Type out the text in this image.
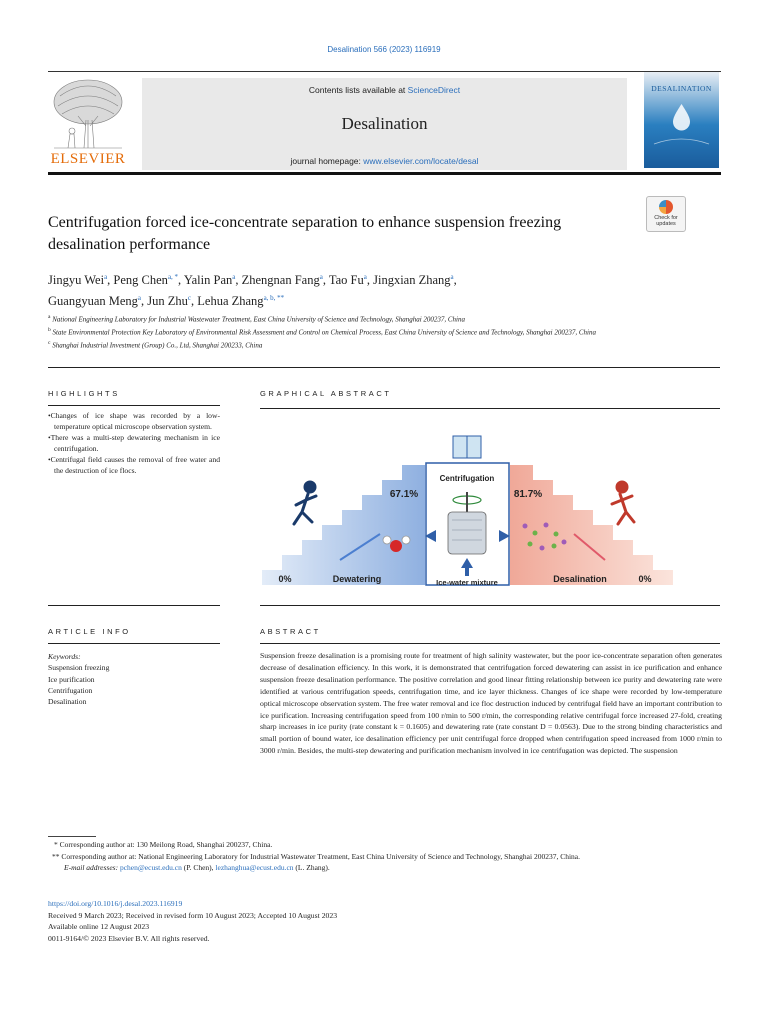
Desalination 566 (2023) 116919
ELSEVIER
Contents lists available at ScienceDirect
Desalination
journal homepage: www.elsevier.com/locate/desal
DESALINATION
Centrifugation forced ice-concentrate separation to enhance suspension freezing desalination performance
Check for
updates
Jingyu Wei$^a$, Peng Chen$^{a, *}$, Yalin Pan$^a$, Zhengnan Fang$^a$, Tao Fu$^a$, Jingxian Zhang$^a$,
Guangyuan Meng$^a$, Jun Zhu$^c$, Lehua Zhang$^{a, b, **}$
$^a$ National Engineering Laboratory for Industrial Wastewater Treatment, East China University of Science and Technology, Shanghai 200237, China
$^b$ State Environmental Protection Key Laboratory of Environmental Risk Assessment and Control on Chemical Process, East China University of Science and Technology, Shanghai 200237, China
$^c$ Shanghai Industrial Investment (Group) Co., Ltd, Shanghai 200233, China
HIGHLIGHTS
• Changes of ice shape was recorded by a low-temperature optical microscope observation system.
• There was a multi-step dewatering mechanism in ice centrifugation.
• Centrifugal field causes the removal of free water and the destruction of ice flocs.
GRAPHICAL ABSTRACT
Centrifugation
67.1%	81.7%
0%	0%
Dewatering	Desalination
Ice-water mixture
ARTICLE INFO
Keywords:
Suspension freezing
Ice purification
Centrifugation
Desalination
ABSTRACT
Suspension freeze desalination is a promising route for treatment of high salinity wastewater, but the poor ice-concentrate separation often generates decrease of desalination efficiency. In this work, it is demonstrated that centrifugation forced dewatering can assist in ice purification and enhance suspension freeze desalination performance. The positive correlation and good linear fitting relationship between ice purity and dewatering rate were identified at various centrifugation speeds, centrifugation time, and ice layer thickness. Changes of ice shape were recorded by low-temperature optical microscope observation system. The free water removal and ice floc destruction induced by centrifugal field have an important contribution to ice purification. Increasing centrifugation speed from 100 r/min to 500 r/min, the corresponding relative centrifugal force increased 27-fold, creating sharp increases in ice purity (rate constant k = 0.1605) and dewatering rate (rate constant D = 0.0563). Due to the strong binding characteristics and small portion of bound water, ice desalination efficiency per unit centrifugal force dropped when centrifugation speed increased from 1000 r/min to 3000 r/min. Besides, the multi-step dewatering and purification mechanism involved in ice centrifugation was depicted. The suspension
* Corresponding author at: 130 Meilong Road, Shanghai 200237, China.
** Corresponding author at: National Engineering Laboratory for Industrial Wastewater Treatment, East China University of Science and Technology, Shanghai 200237, China.
E-mail addresses: pchen@ecust.edu.cn (P. Chen), lezhanghua@ecust.edu.cn (L. Zhang).
https://doi.org/10.1016/j.desal.2023.116919
Received 9 March 2023; Received in revised form 10 August 2023; Accepted 10 August 2023
Available online 12 August 2023
0011-9164/© 2023 Elsevier B.V. All rights reserved.
